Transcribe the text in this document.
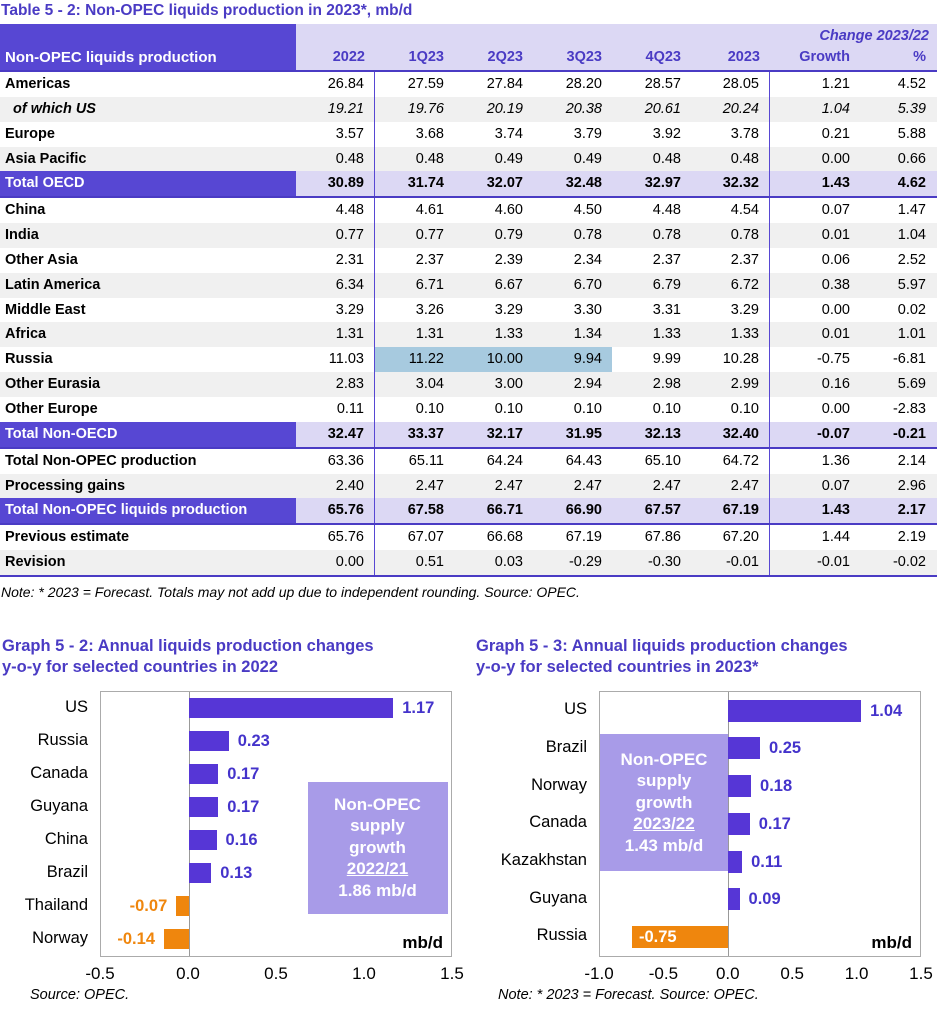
Table 5 - 2: Non-OPEC liquids production in 2023*, mb/d
Non-OPEC liquids production
Change 2023/22
2022	1Q23	2Q23	3Q23	4Q23	2023	Growth	%
Americas	26.84	27.59	27.84	28.20	28.57	28.05	1.21	4.52
of which US	19.21	19.76	20.19	20.38	20.61	20.24	1.04	5.39
Europe	3.57	3.68	3.74	3.79	3.92	3.78	0.21	5.88
Asia Pacific	0.48	0.48	0.49	0.49	0.48	0.48	0.00	0.66
Total OECD	30.89	31.74	32.07	32.48	32.97	32.32	1.43	4.62
China	4.48	4.61	4.60	4.50	4.48	4.54	0.07	1.47
India	0.77	0.77	0.79	0.78	0.78	0.78	0.01	1.04
Other Asia	2.31	2.37	2.39	2.34	2.37	2.37	0.06	2.52
Latin America	6.34	6.71	6.67	6.70	6.79	6.72	0.38	5.97
Middle East	3.29	3.26	3.29	3.30	3.31	3.29	0.00	0.02
Africa	1.31	1.31	1.33	1.34	1.33	1.33	0.01	1.01
Russia	11.03	11.22	10.00	9.94	9.99	10.28	-0.75	-6.81
Other Eurasia	2.83	3.04	3.00	2.94	2.98	2.99	0.16	5.69
Other Europe	0.11	0.10	0.10	0.10	0.10	0.10	0.00	-2.83
Total Non-OECD	32.47	33.37	32.17	31.95	32.13	32.40	-0.07	-0.21
Total Non-OPEC production	63.36	65.11	64.24	64.43	65.10	64.72	1.36	2.14
Processing gains	2.40	2.47	2.47	2.47	2.47	2.47	0.07	2.96
Total Non-OPEC liquids production	65.76	67.58	66.71	66.90	67.57	67.19	1.43	2.17
Previous estimate	65.76	67.07	66.68	67.19	67.86	67.20	1.44	2.19
Revision	0.00	0.51	0.03	-0.29	-0.30	-0.01	-0.01	-0.02
Note: * 2023 = Forecast. Totals may not add up due to independent rounding. Source: OPEC.
Graph 5 - 2: Annual liquids production changes
y-o-y for selected countries in 2022
US
Russia
Canada
Guyana
China
Brazil
Thailand
Norway
1.17
0.23
0.17
0.17
0.16
0.13
-0.07
-0.14
Non-OPEC
supply
growth
2022/21
1.86 mb/d
mb/d
-0.5	0.0	0.5	1.0	1.5
Source: OPEC.
Graph 5 - 3: Annual liquids production changes
y-o-y for selected countries in 2023*
US
Brazil
Norway
Canada
Kazakhstan
Guyana
Russia
1.04
0.25
0.18
0.17
0.11
0.09
-0.75
Non-OPEC
supply
growth
2023/22
1.43 mb/d
mb/d
-1.0 -0.5 0.0 0.5 1.0 1.5
Note: * 2023 = Forecast. Source: OPEC.
